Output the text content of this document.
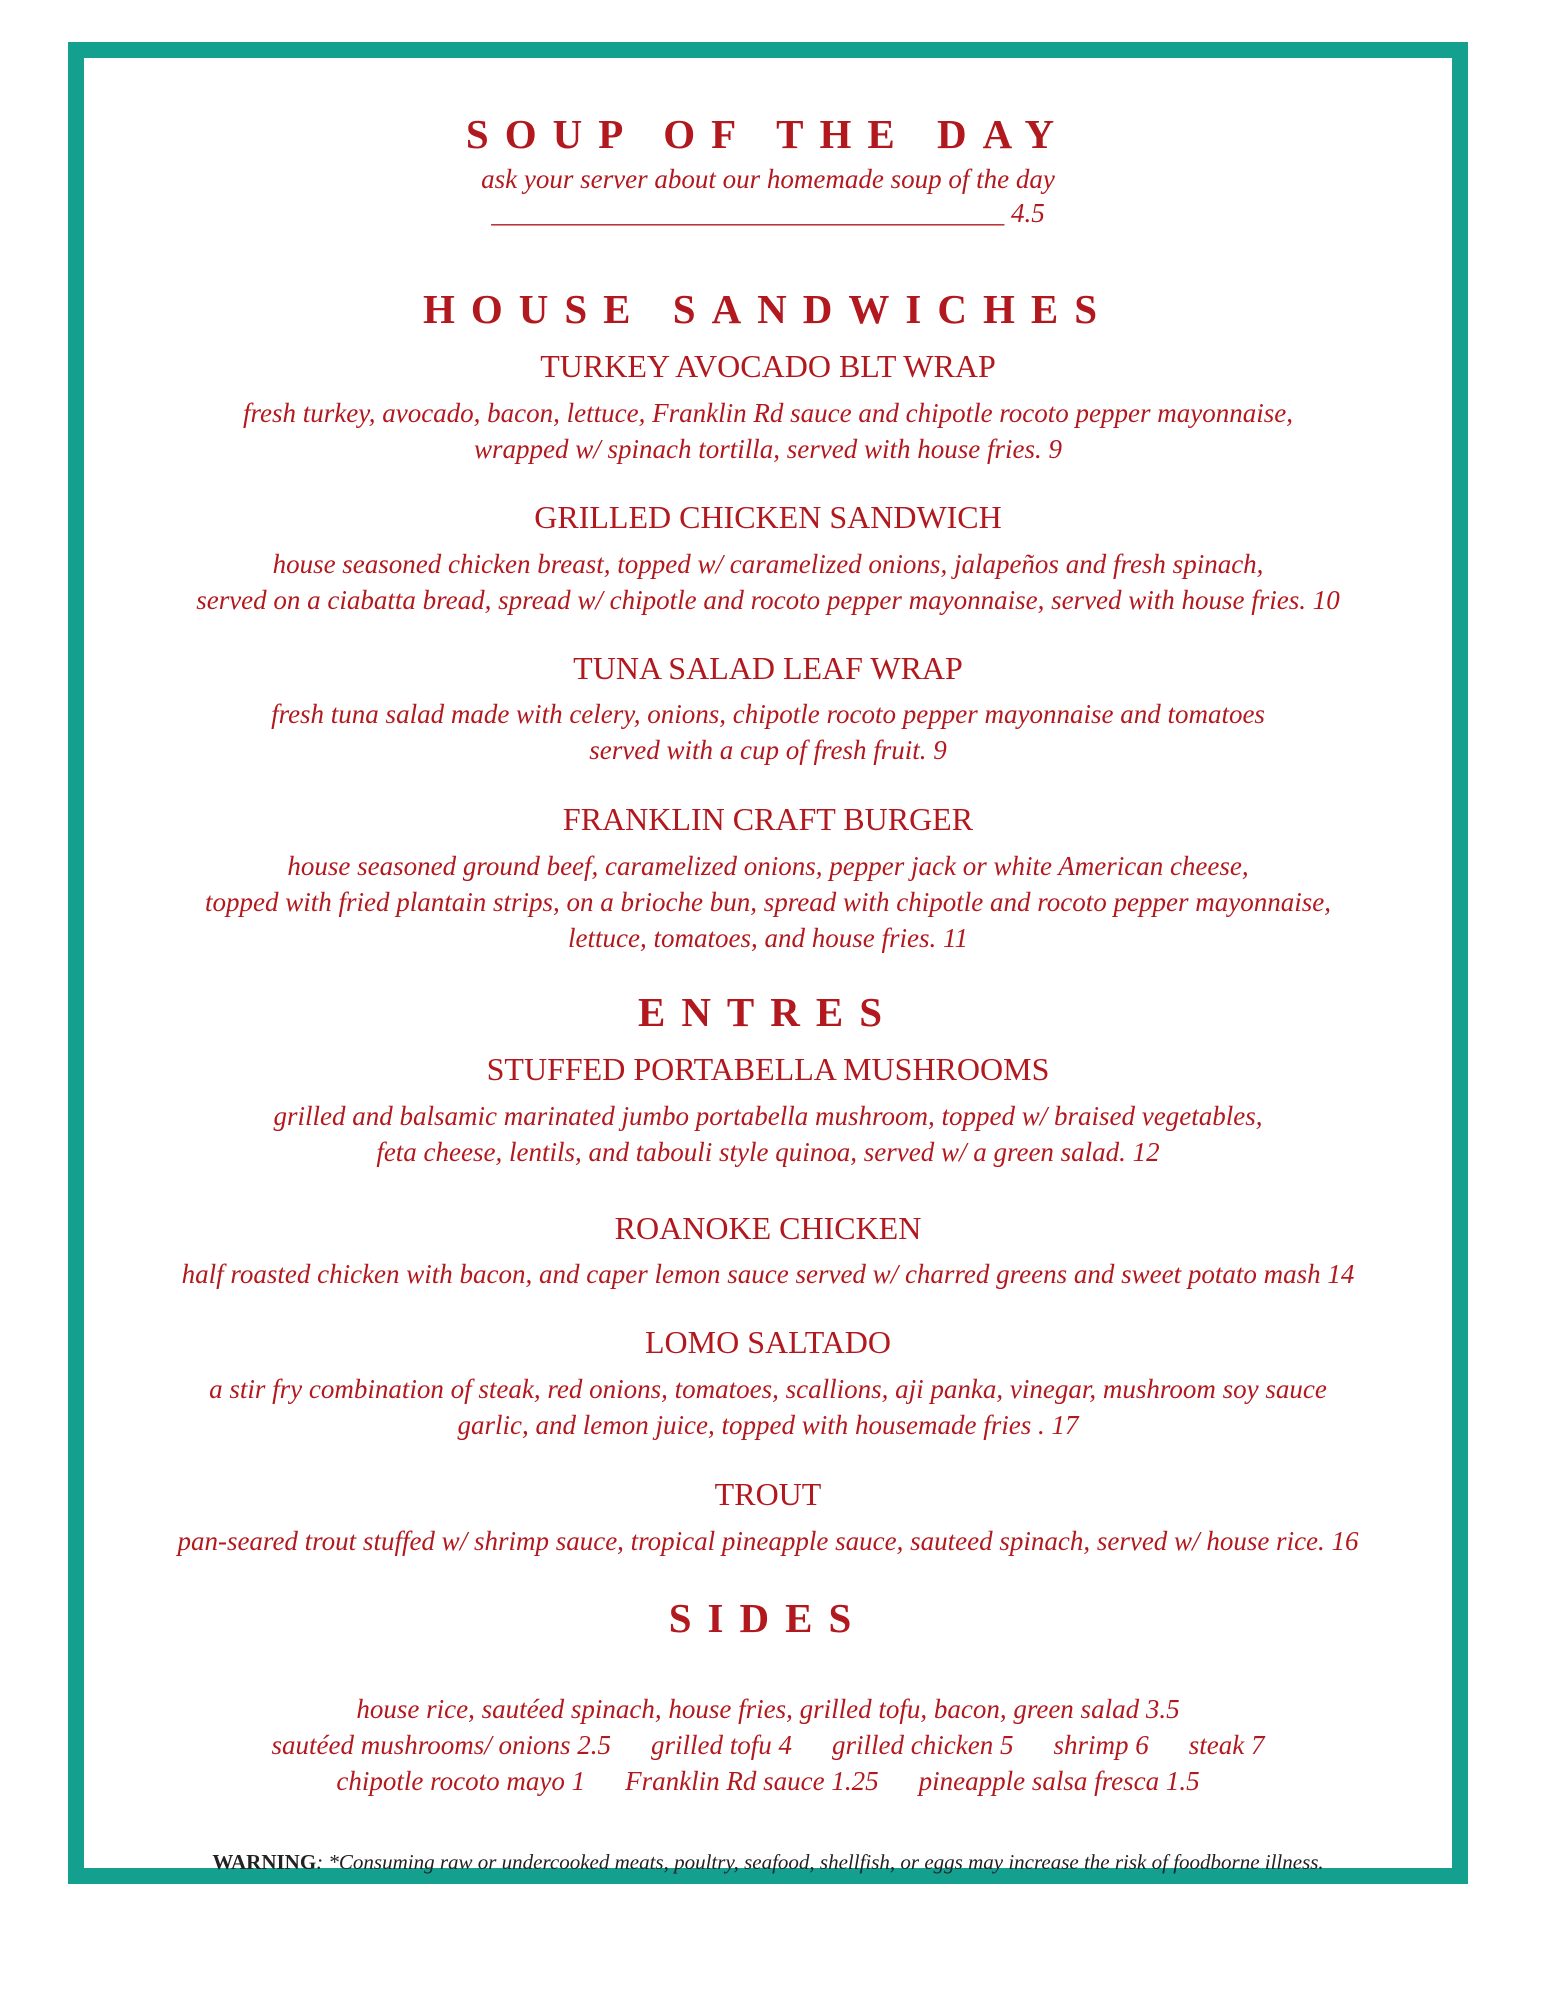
SOUP OF THE DAY
ask your server about our homemade soup of the day
______________________________________ 4.5
HOUSE SANDWICHES
TURKEY AVOCADO BLT WRAP
fresh turkey, avocado, bacon, lettuce, Franklin Rd sauce and chipotle rocoto pepper mayonnaise,
wrapped w/ spinach tortilla, served with house fries. 9
GRILLED CHICKEN SANDWICH
house seasoned chicken breast, topped w/ caramelized onions, jalapeños and fresh spinach,
served on a ciabatta bread, spread w/ chipotle and rocoto pepper mayonnaise, served with house fries. 10
TUNA SALAD LEAF WRAP
fresh tuna salad made with celery, onions, chipotle rocoto pepper mayonnaise and tomatoes
served with a cup of fresh fruit. 9
FRANKLIN CRAFT BURGER
house seasoned ground beef, caramelized onions, pepper jack or white American cheese,
topped with fried plantain strips, on a brioche bun, spread with chipotle and rocoto pepper mayonnaise,
lettuce, tomatoes, and house fries. 11
ENTRES
STUFFED PORTABELLA MUSHROOMS
grilled and balsamic marinated jumbo portabella mushroom, topped w/ braised vegetables,
feta cheese, lentils, and tabouli style quinoa, served w/ a green salad. 12
ROANOKE CHICKEN
half roasted chicken with bacon, and caper lemon sauce served w/ charred greens and sweet potato mash 14
LOMO SALTADO
a stir fry combination of steak, red onions, tomatoes, scallions, aji panka, vinegar, mushroom soy sauce
garlic, and lemon juice, topped with housemade fries . 17
TROUT
pan-seared trout stuffed w/ shrimp sauce, tropical pineapple sauce, sauteed spinach, served w/ house rice. 16
SIDES
house rice, sautéed spinach, house fries, grilled tofu, bacon, green salad 3.5
sautéed mushrooms/ onions 2.5 grilled tofu 4 grilled chicken 5 shrimp 6 steak 7
chipotle rocoto mayo 1 Franklin Rd sauce 1.25 pineapple salsa fresca 1.5
WARNING: *Consuming raw or undercooked meats, poultry, seafood, shellfish, or eggs may increase the risk of foodborne illness.
